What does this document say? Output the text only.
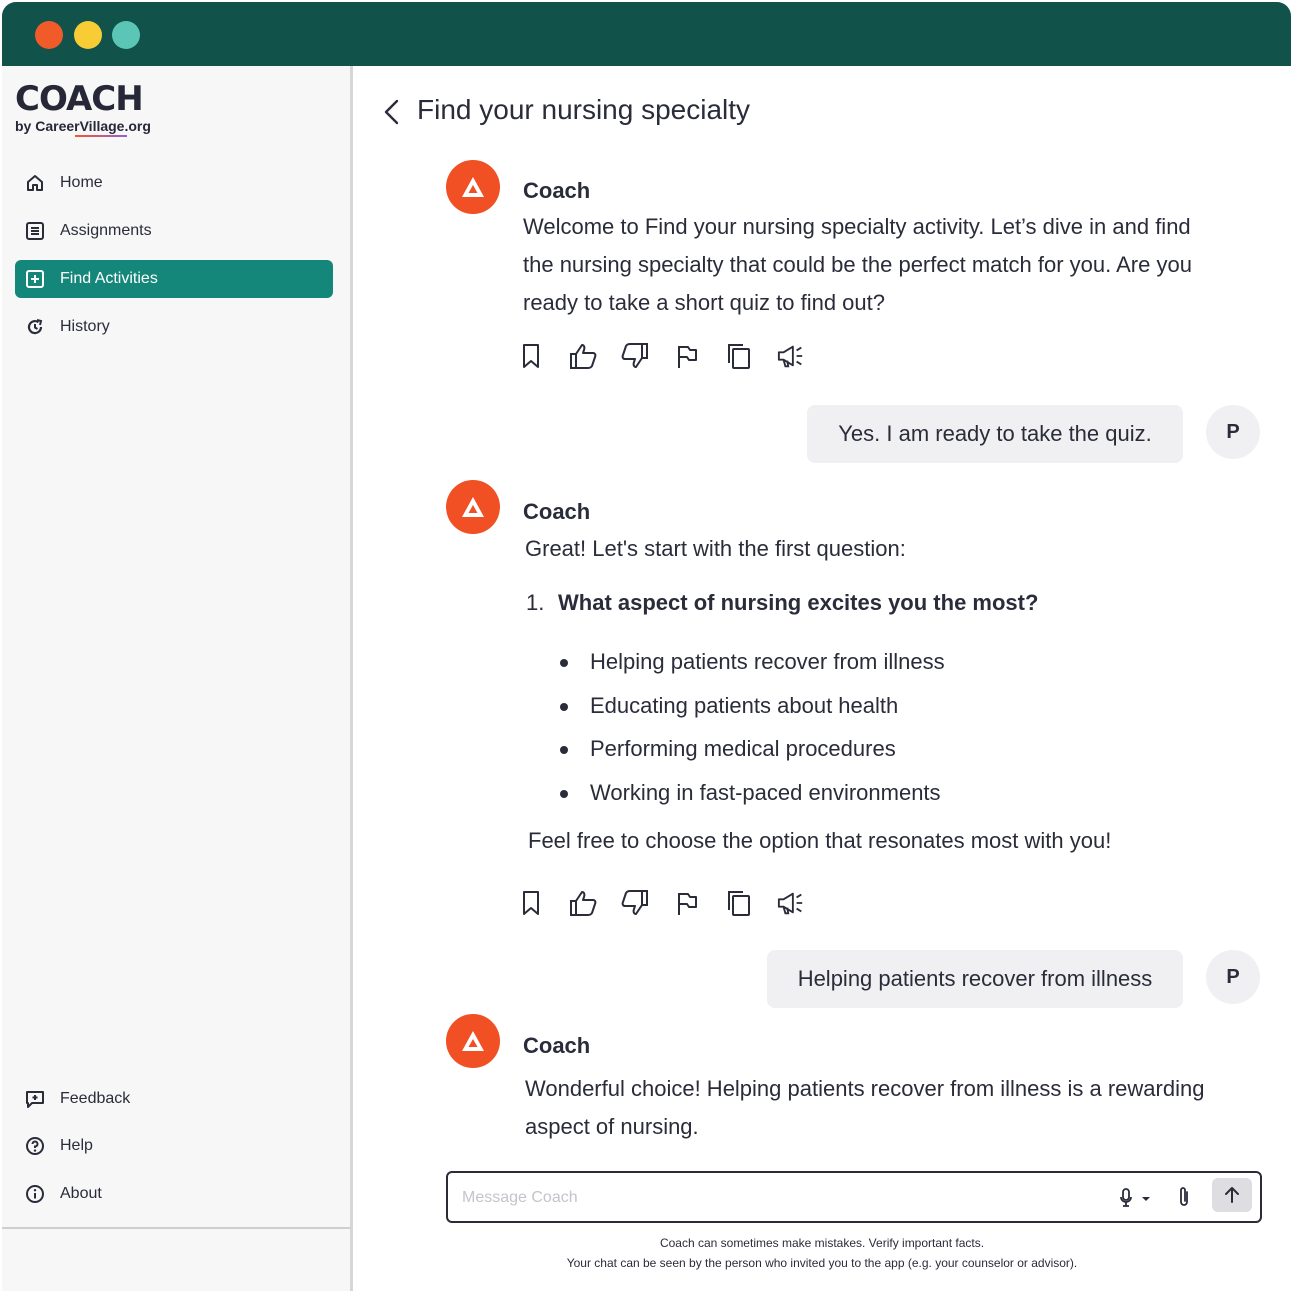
COACH
by CareerVillage.org
Home
Assignments
Find Activities
History
Feedback
Help
About
Find your nursing specialty
Coach
Welcome to Find your nursing specialty activity. Let’s dive in and find
the nursing specialty that could be the perfect match for you. Are you
ready to take a short quiz to find out?
Yes. I am ready to take the quiz.	P
Coach
Great! Let's start with the first question:
1. What aspect of nursing excites you the most?
Helping patients recover from illness
Educating patients about health
Performing medical procedures
Working in fast-paced environments
Feel free to choose the option that resonates most with you!
Helping patients recover from illness	P
Coach
Wonderful choice! Helping patients recover from illness is a rewarding
aspect of nursing.
Message Coach
Coach can sometimes make mistakes. Verify important facts.
Your chat can be seen by the person who invited you to the app (e.g. your counselor or advisor).
